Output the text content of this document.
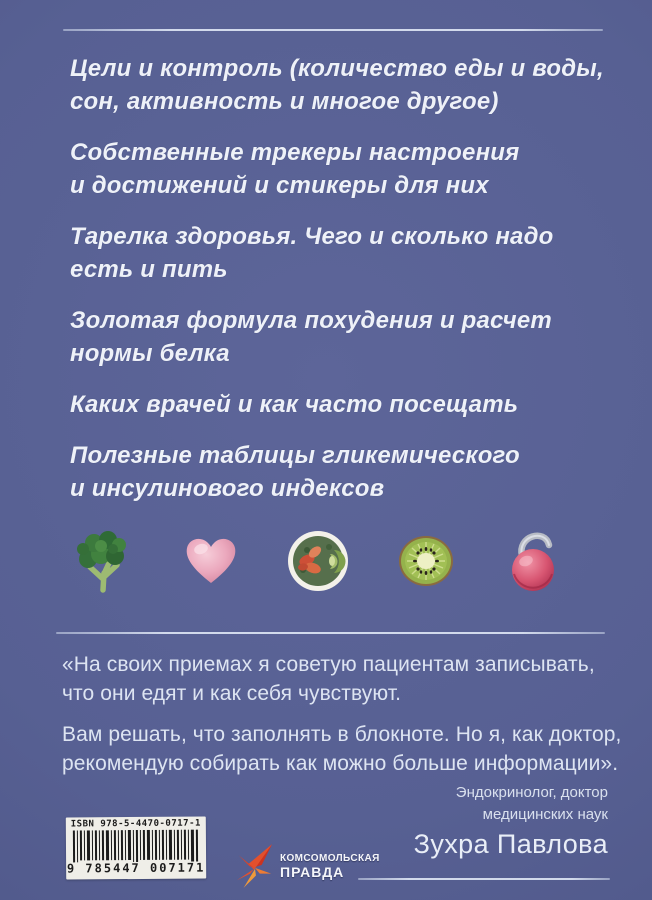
Цели и контроль (количество еды и воды,
сон, активность и многое другое)
Собственные трекеры настроения
и достижений и стикеры для них
Тарелка здоровья. Чего и сколько надо
есть и пить
Золотая формула похудения и расчет
нормы белка
Каких врачей и как часто посещать
Полезные таблицы гликемического
и инсулинового индексов

«На своих приемах я советую пациентам записывать,
что они едят и как себя чувствуют.

Вам решать, что заполнять в блокноте. Но я, как доктор,
рекомендую собирать как можно больше информации».

Эндокринолог, доктор
медицинских наук
Зухра Павлова
ISBN 978-5-4470-0717-1
9 785447 007171
КОМСОМОЛЬСКАЯ
ПРАВДА
